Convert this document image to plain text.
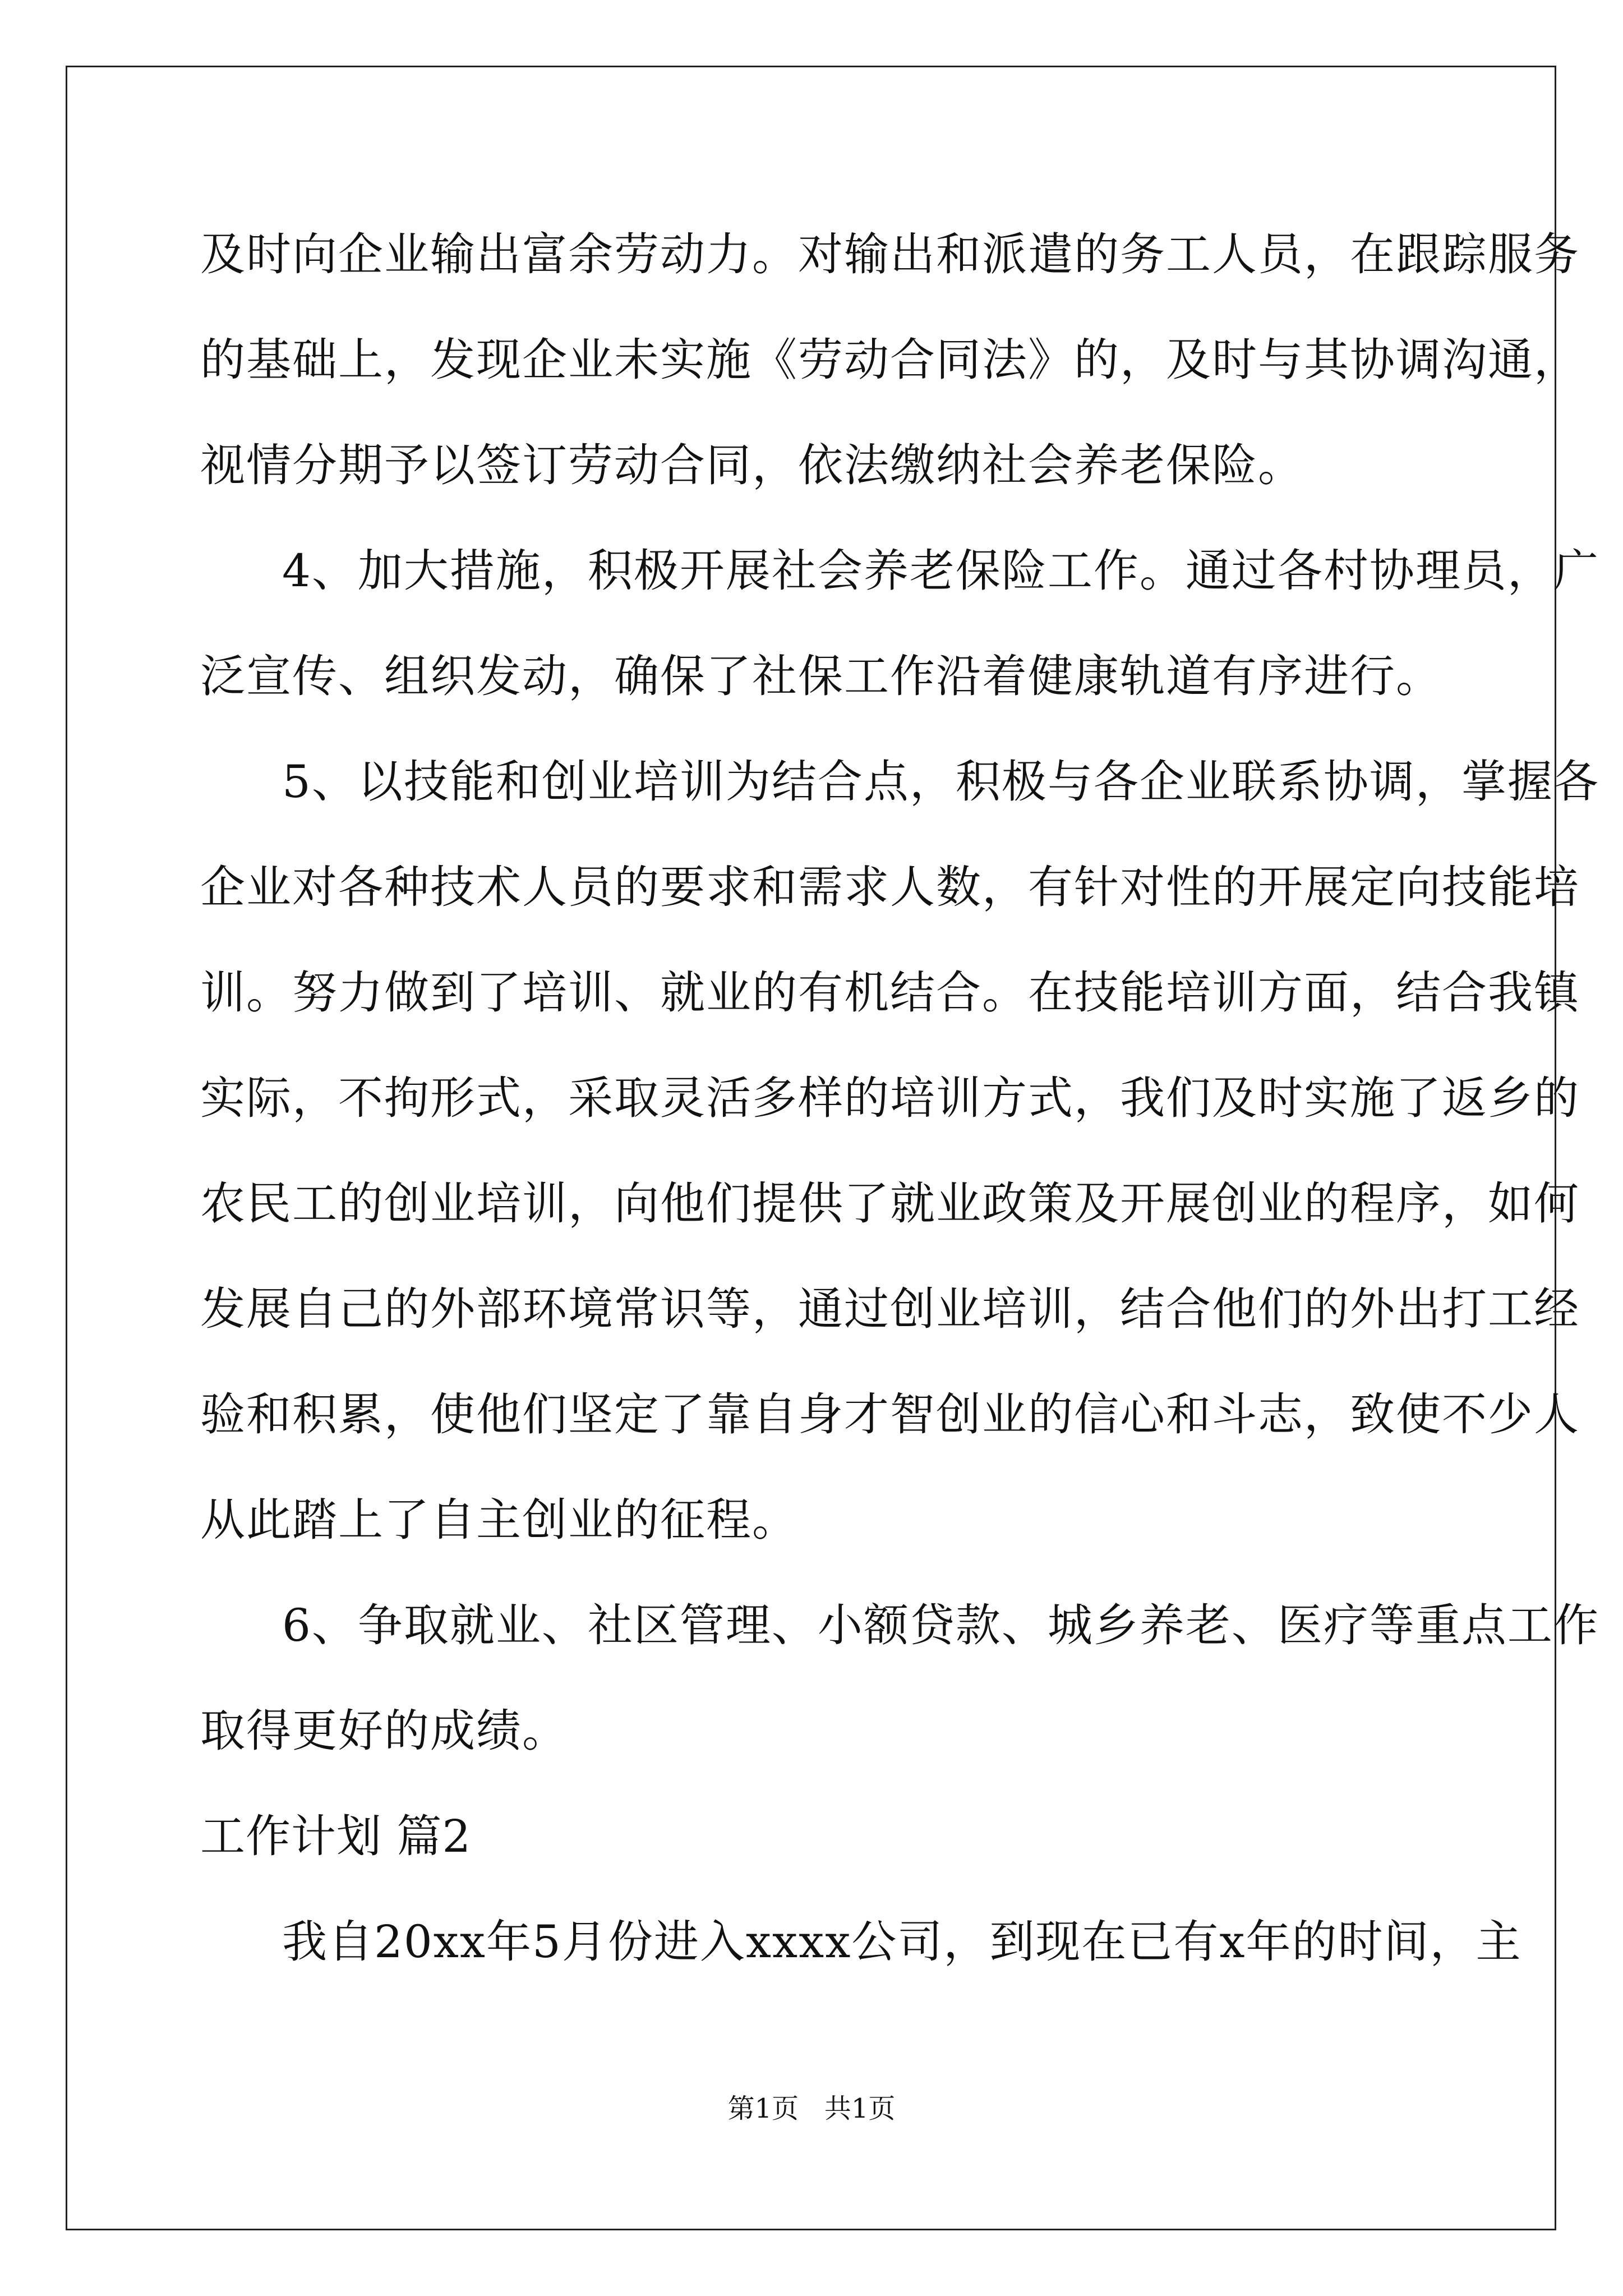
及时向企业输出富余劳动力。对输出和派遣的务工人员，在跟踪服务
的基础上，发现企业未实施《劳动合同法》的，及时与其协调沟通，
视情分期予以签订劳动合同，依法缴纳社会养老保险。
4、加大措施，积极开展社会养老保险工作。通过各村协理员，广
泛宣传、组织发动，确保了社保工作沿着健康轨道有序进行。
5、以技能和创业培训为结合点，积极与各企业联系协调，掌握各
企业对各种技术人员的要求和需求人数，有针对性的开展定向技能培
训。努力做到了培训、就业的有机结合。在技能培训方面，结合我镇
实际，不拘形式，采取灵活多样的培训方式，我们及时实施了返乡的
农民工的创业培训，向他们提供了就业政策及开展创业的程序，如何
发展自己的外部环境常识等，通过创业培训，结合他们的外出打工经
验和积累，使他们坚定了靠自身才智创业的信心和斗志，致使不少人
从此踏上了自主创业的征程。
6、争取就业、社区管理、小额贷款、城乡养老、医疗等重点工作
取得更好的成绩。
工作计划 篇2
我自20xx年5月份进入xxxx公司，到现在已有x年的时间，主
第1页   共1页
